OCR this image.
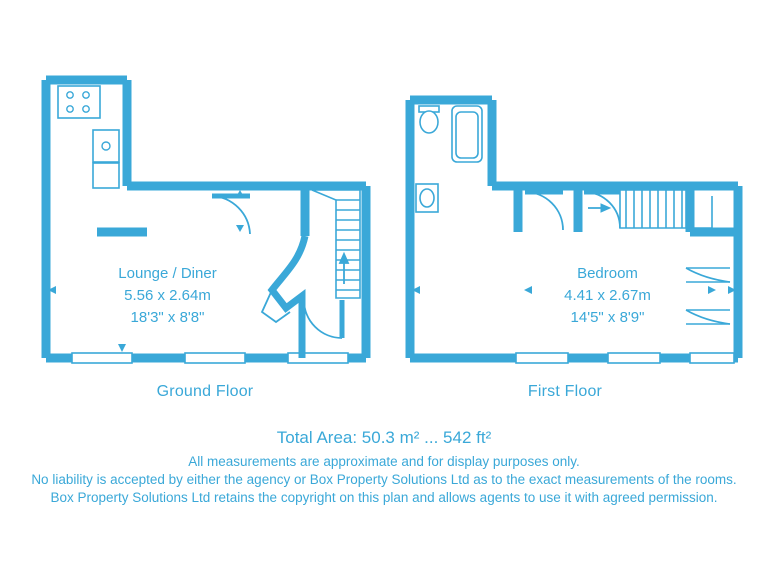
Lounge / Diner
5.56 x 2.64m
18'3" x 8'8"
Bedroom
4.41 x 2.67m
14'5" x 8'9"
Ground Floor	First Floor
Total Area: 50.3 m² ... 542 ft²
All measurements are approximate and for display purposes only.
No liability is accepted by either the agency or Box Property Solutions Ltd as to the exact measurements of the rooms.
Box Property Solutions Ltd retains the copyright on this plan and allows agents to use it with agreed permission.
